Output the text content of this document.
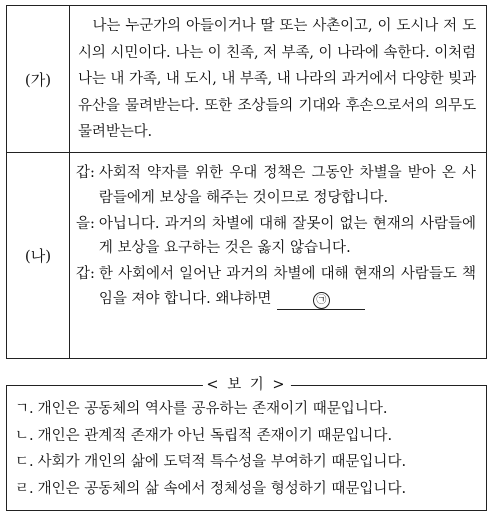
(가)
나는 누군가의 아들이거나 딸 또는 사촌이고, 이 도시나 저 도시의 시민이다. 나는 이 친족, 저 부족, 이 나라에 속한다. 이처럼 나는 내 가족, 내 도시, 내 부족, 내 나라의 과거에서 다양한 빚과 유산을 물려받는다. 또한 조상들의 기대와 후손으로서의 의무도 물려받는다.
(나)
갑: 사회적 약자를 위한 우대 정책은 그동안 차별을 받아 온 사람들에게 보상을 해주는 것이므로 정당합니다.
을: 아닙니다. 과거의 차별에 대해 잘못이 없는 현재의 사람들에게 보상을 요구하는 것은 옳지 않습니다.
갑: 한 사회에서 일어난 과거의 차별에 대해 현재의 사람들도 책임을 져야 합니다. 왜냐하면	㉠
< 보 기 >
ㄱ. 개인은 공동체의 역사를 공유하는 존재이기 때문입니다.
ㄴ. 개인은 관계적 존재가 아닌 독립적 존재이기 때문입니다.
ㄷ. 사회가 개인의 삶에 도덕적 특수성을 부여하기 때문입니다.
ㄹ. 개인은 공동체의 삶 속에서 정체성을 형성하기 때문입니다.
